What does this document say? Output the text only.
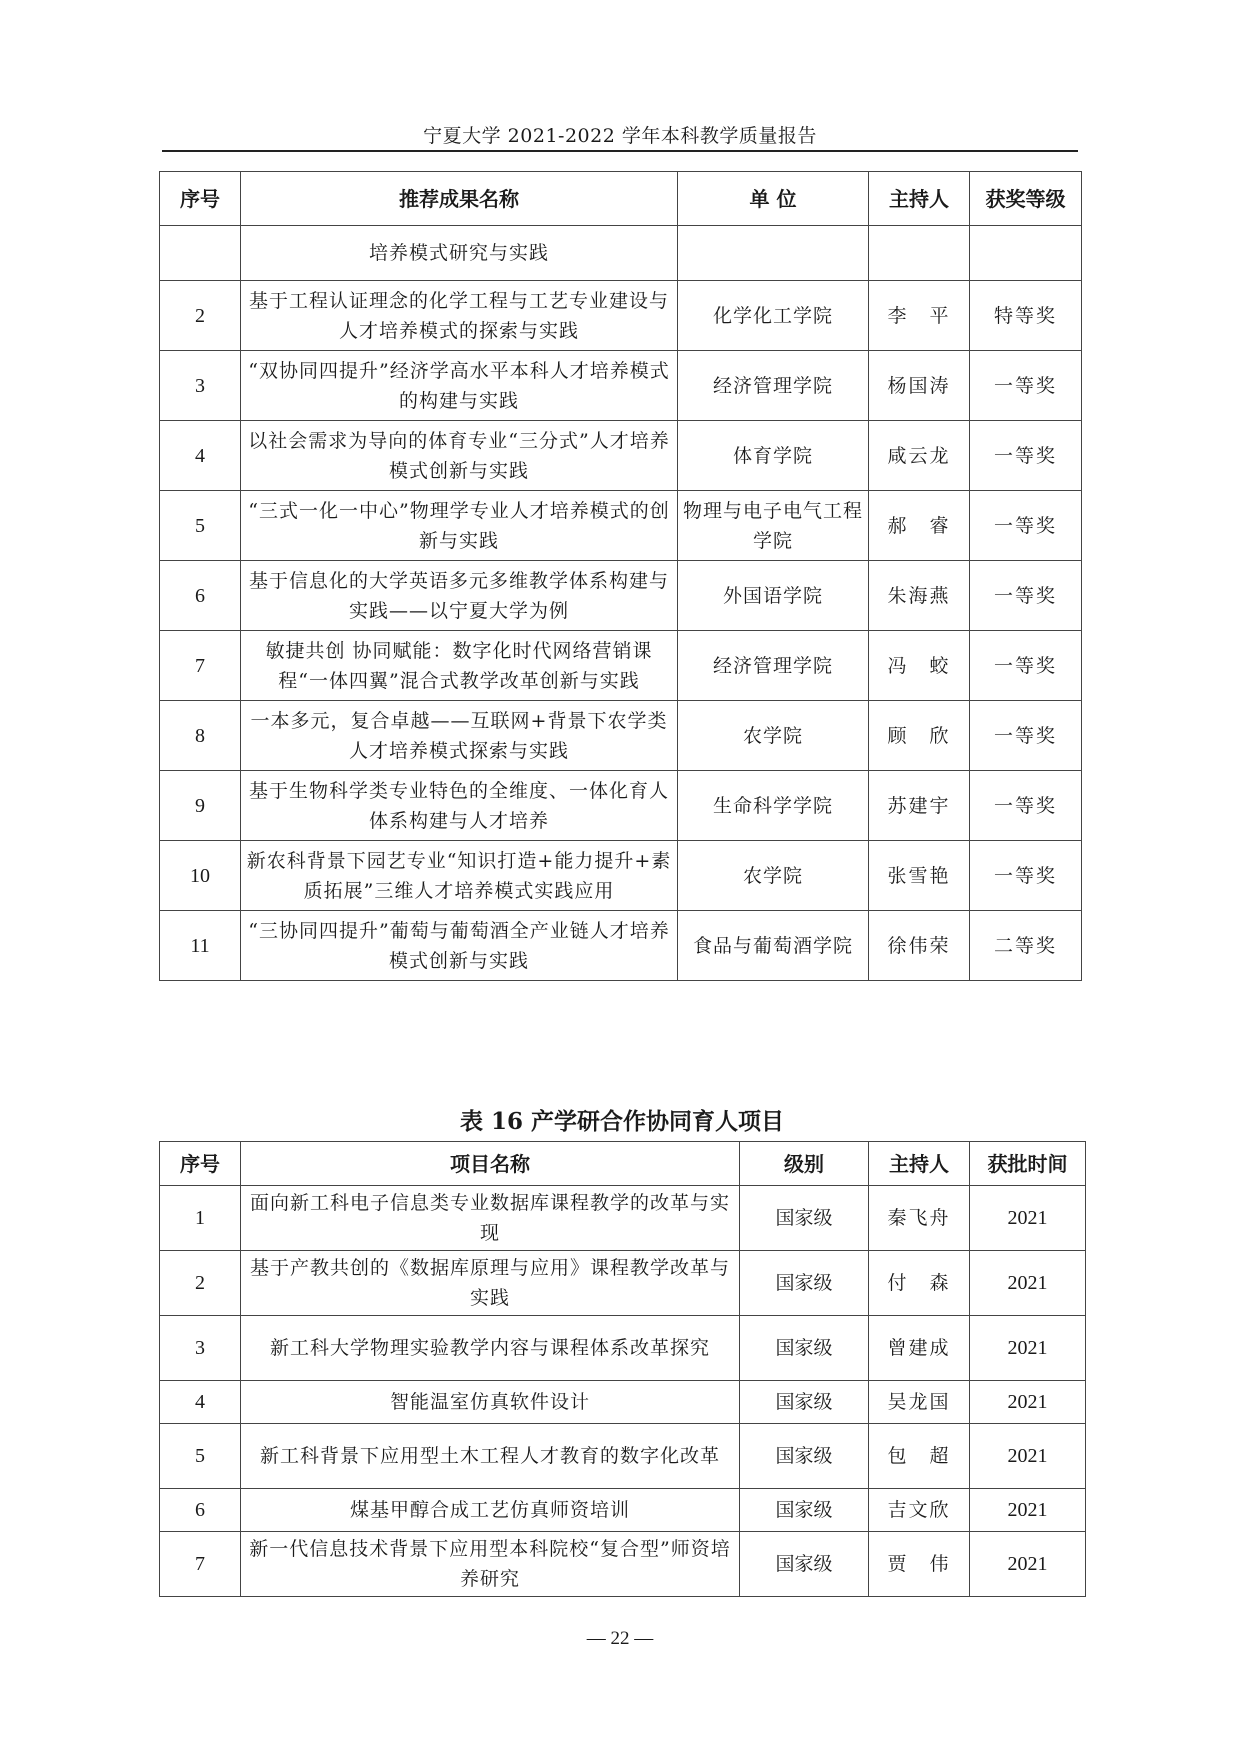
宁夏大学 2021-2022 学年本科教学质量报告
序号	推荐成果名称	单 位	主持人	获奖等级
	培养模式研究与实践			
2	基于工程认证理念的化学工程与工艺专业建设与人才培养模式的探索与实践	化学化工学院	李　平	特等奖
3	“双协同四提升”经济学高水平本科人才培养模式的构建与实践	经济管理学院	杨国涛	一等奖
4	以社会需求为导向的体育专业“三分式”人才培养模式创新与实践	体育学院	咸云龙	一等奖
5	“三式一化一中心”物理学专业人才培养模式的创新与实践	物理与电子电气工程学院	郝　睿	一等奖
6	基于信息化的大学英语多元多维教学体系构建与实践——以宁夏大学为例	外国语学院	朱海燕	一等奖
7	敏捷共创 协同赋能：数字化时代网络营销课程“一体四翼”混合式教学改革创新与实践	经济管理学院	冯　蛟	一等奖
8	一本多元，复合卓越——互联网+背景下农学类人才培养模式探索与实践	农学院	顾　欣	一等奖
9	基于生物科学类专业特色的全维度、一体化育人体系构建与人才培养	生命科学学院	苏建宇	一等奖
10	新农科背景下园艺专业“知识打造+能力提升+素质拓展”三维人才培养模式实践应用	农学院	张雪艳	一等奖
11	“三协同四提升”葡萄与葡萄酒全产业链人才培养模式创新与实践	食品与葡萄酒学院	徐伟荣	二等奖
表 16 产学研合作协同育人项目
序号	项目名称	级别	主持人	获批时间
1	面向新工科电子信息类专业数据库课程教学的改革与实现	国家级	秦飞舟	2021
2	基于产教共创的《数据库原理与应用》课程教学改革与实践	国家级	付　森	2021
3	新工科大学物理实验教学内容与课程体系改革探究	国家级	曾建成	2021
4	智能温室仿真软件设计	国家级	吴龙国	2021
5	新工科背景下应用型土木工程人才教育的数字化改革	国家级	包　超	2021
6	煤基甲醇合成工艺仿真师资培训	国家级	吉文欣	2021
7	新一代信息技术背景下应用型本科院校“复合型”师资培养研究	国家级	贾　伟	2021
— 22 —
